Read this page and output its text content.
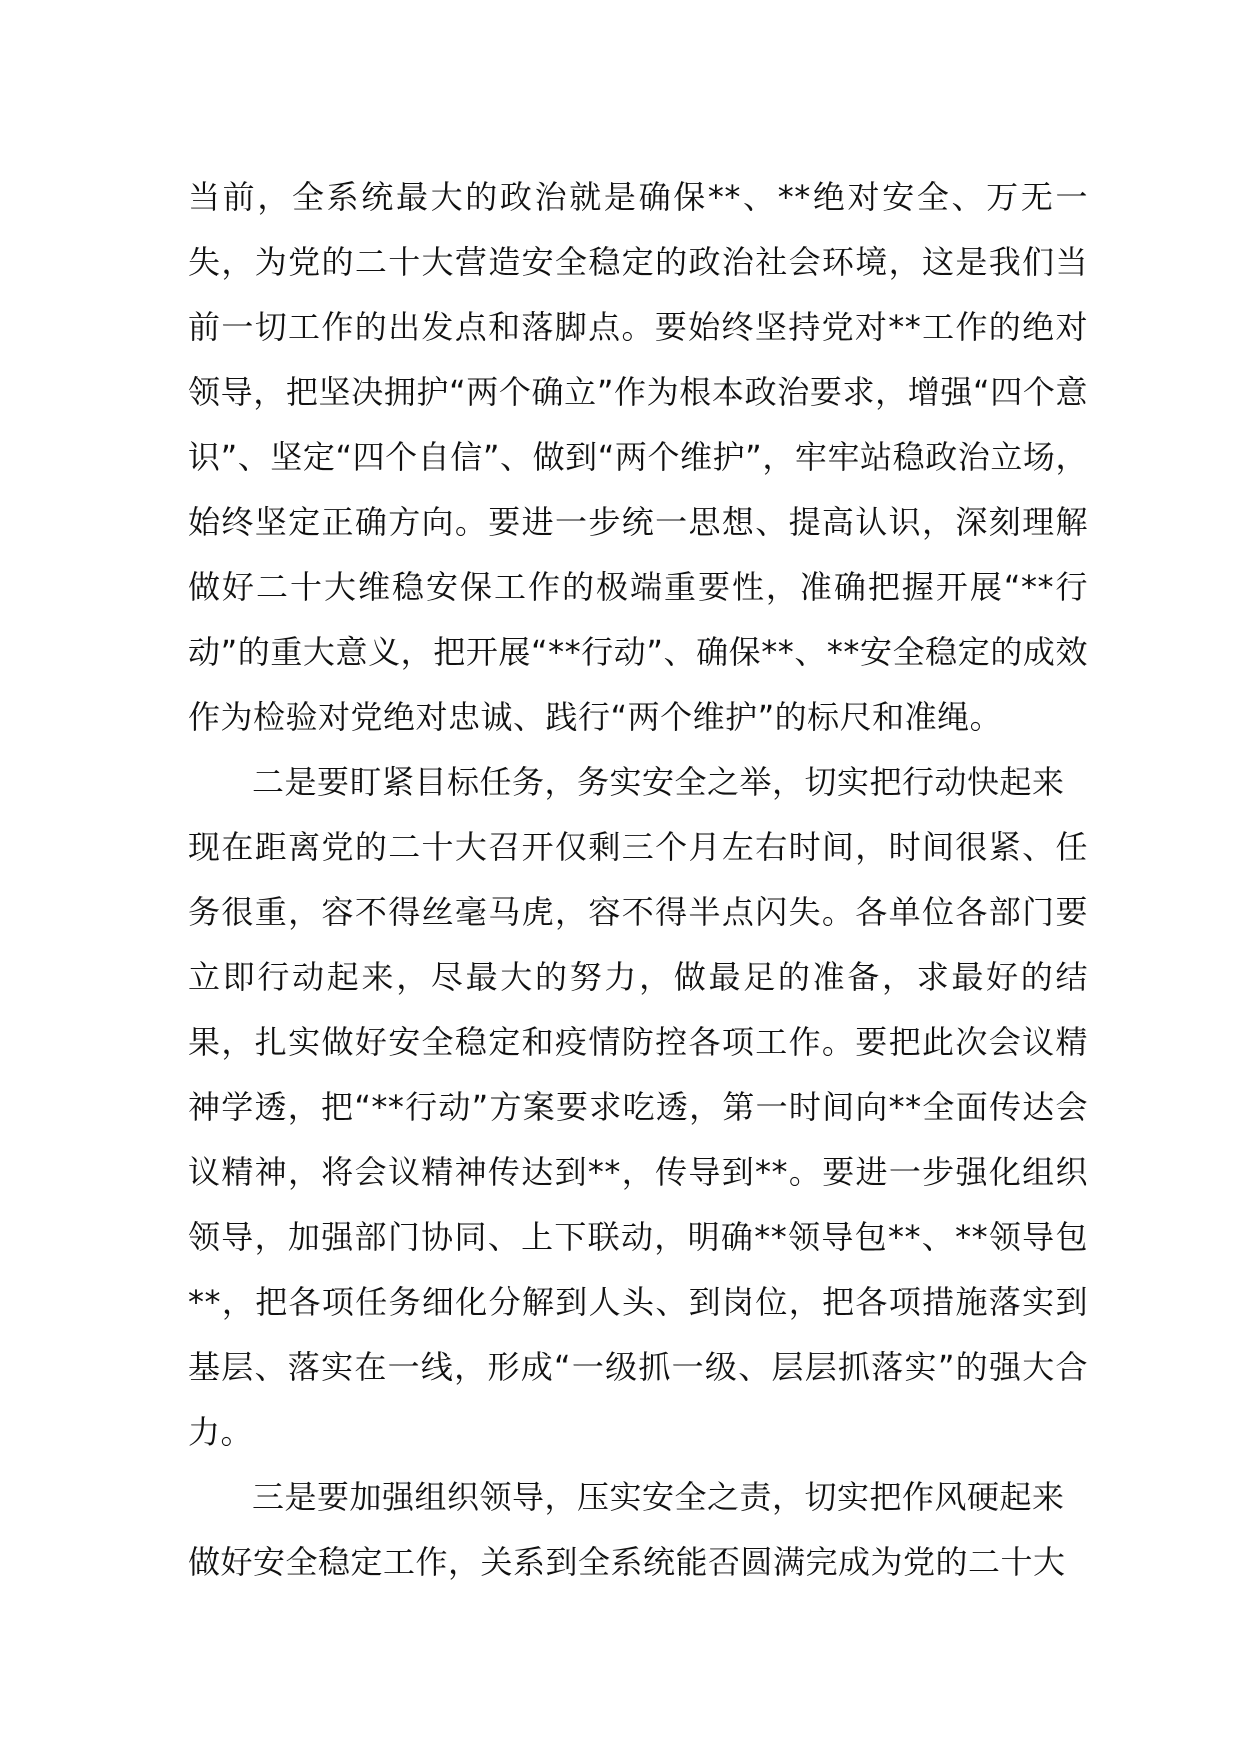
当前，全系统最大的政治就是确保**、**绝对安全、万无一失，为党的二十大营造安全稳定的政治社会环境，这是我们当前一切工作的出发点和落脚点。要始终坚持党对**工作的绝对领导，把坚决拥护“两个确立”作为根本政治要求，增强“四个意识”、坚定“四个自信”、做到“两个维护”，牢牢站稳政治立场，始终坚定正确方向。要进一步统一思想、提高认识，深刻理解做好二十大维稳安保工作的极端重要性，准确把握开展“**行动”的重大意义，把开展“**行动”、确保**、**安全稳定的成效作为检验对党绝对忠诚、践行“两个维护”的标尺和准绳。

二是要盯紧目标任务，务实安全之举，切实把行动快起来
现在距离党的二十大召开仅剩三个月左右时间，时间很紧、任务很重，容不得丝毫马虎，容不得半点闪失。各单位各部门要立即行动起来，尽最大的努力，做最足的准备，求最好的结果，扎实做好安全稳定和疫情防控各项工作。要把此次会议精神学透，把“**行动”方案要求吃透，第一时间向**全面传达会议精神，将会议精神传达到**，传导到**。要进一步强化组织领导，加强部门协同、上下联动，明确**领导包**、**领导包**，把各项任务细化分解到人头、到岗位，把各项措施落实到基层、落实在一线，形成“一级抓一级、层层抓落实”的强大合力。

三是要加强组织领导，压实安全之责，切实把作风硬起来
做好安全稳定工作，关系到全系统能否圆满完成为党的二十大
